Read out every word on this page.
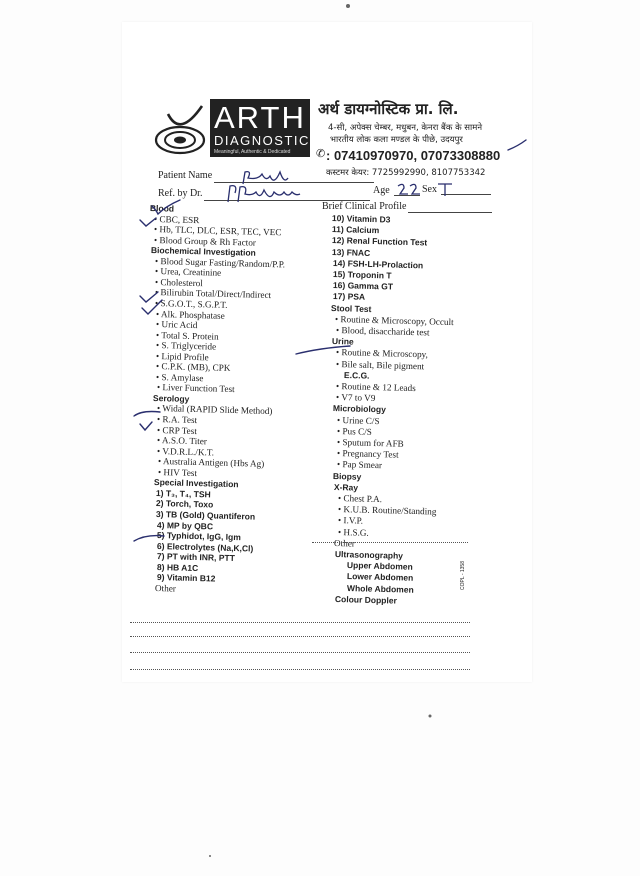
ARTH
DIAGNOSTICS
Meaningful, Authentic & Dedicated
अर्थ डायग्नोस्टिक प्रा. लि.
4-सी, अपेक्स चेम्बर, मधुबन, केनरा बैंक के सामने
भारतीय लोक कला मण्डल के पीछे, उदयपुर
✆ : 07410970970, 07073308880
कस्टमर केयर: 7725992990, 8107753342
Patient Name
Ref. by Dr.	Age	Sex
Brief Clinical Profile
Blood
• CBC, ESR
• Hb, TLC, DLC, ESR, TEC, VEC
• Blood Group & Rh Factor
Biochemical Investigation
• Blood Sugar Fasting/Random/P.P.
• Urea, Creatinine
• Cholesterol
• Bilirubin Total/Direct/Indirect
• S.G.O.T., S.G.P.T.
• Alk. Phosphatase
• Uric Acid
• Total S. Protein
• S. Triglyceride
• Lipid Profile
• C.P.K. (MB), CPK
• S. Amylase
• Liver Function Test
Serology
• Widal (RAPID Slide Method)
• R.A. Test
• CRP Test
• A.S.O. Titer
• V.D.R.L./K.T.
• Australia Antigen (Hbs Ag)
• HIV Test
Special Investigation
1) T₃, T₄, TSH
2) Torch, Toxo
3) TB (Gold) Quantiferon
4) MP by QBC
5) Typhidot, IgG, Igm
6) Electrolytes (Na,K,Cl)
7) PT with INR, PTT
8) HB A1C
9) Vitamin B12
Other
10) Vitamin D3
11) Calcium
12) Renal Function Test
13) FNAC
14) FSH-LH-Prolaction
15) Troponin T
16) Gamma GT
17) PSA
Stool Test
• Routine & Microscopy, Occult
• Blood, disaccharide test
Urine
• Routine & Microscopy,
• Bile salt, Bile pigment
E.C.G.
• Routine & 12 Leads
• V7 to V9
Microbiology
• Urine C/S
• Pus C/S
• Sputum for AFB
• Pregnancy Test
• Pap Smear
Biopsy
X-Ray
• Chest P.A.
• K.U.B. Routine/Standing
• I.V.P.
• H.S.G.
Other
Ultrasonography
Upper Abdomen
Lower Abdomen
Whole Abdomen
Colour Doppler
COPL - 1358
